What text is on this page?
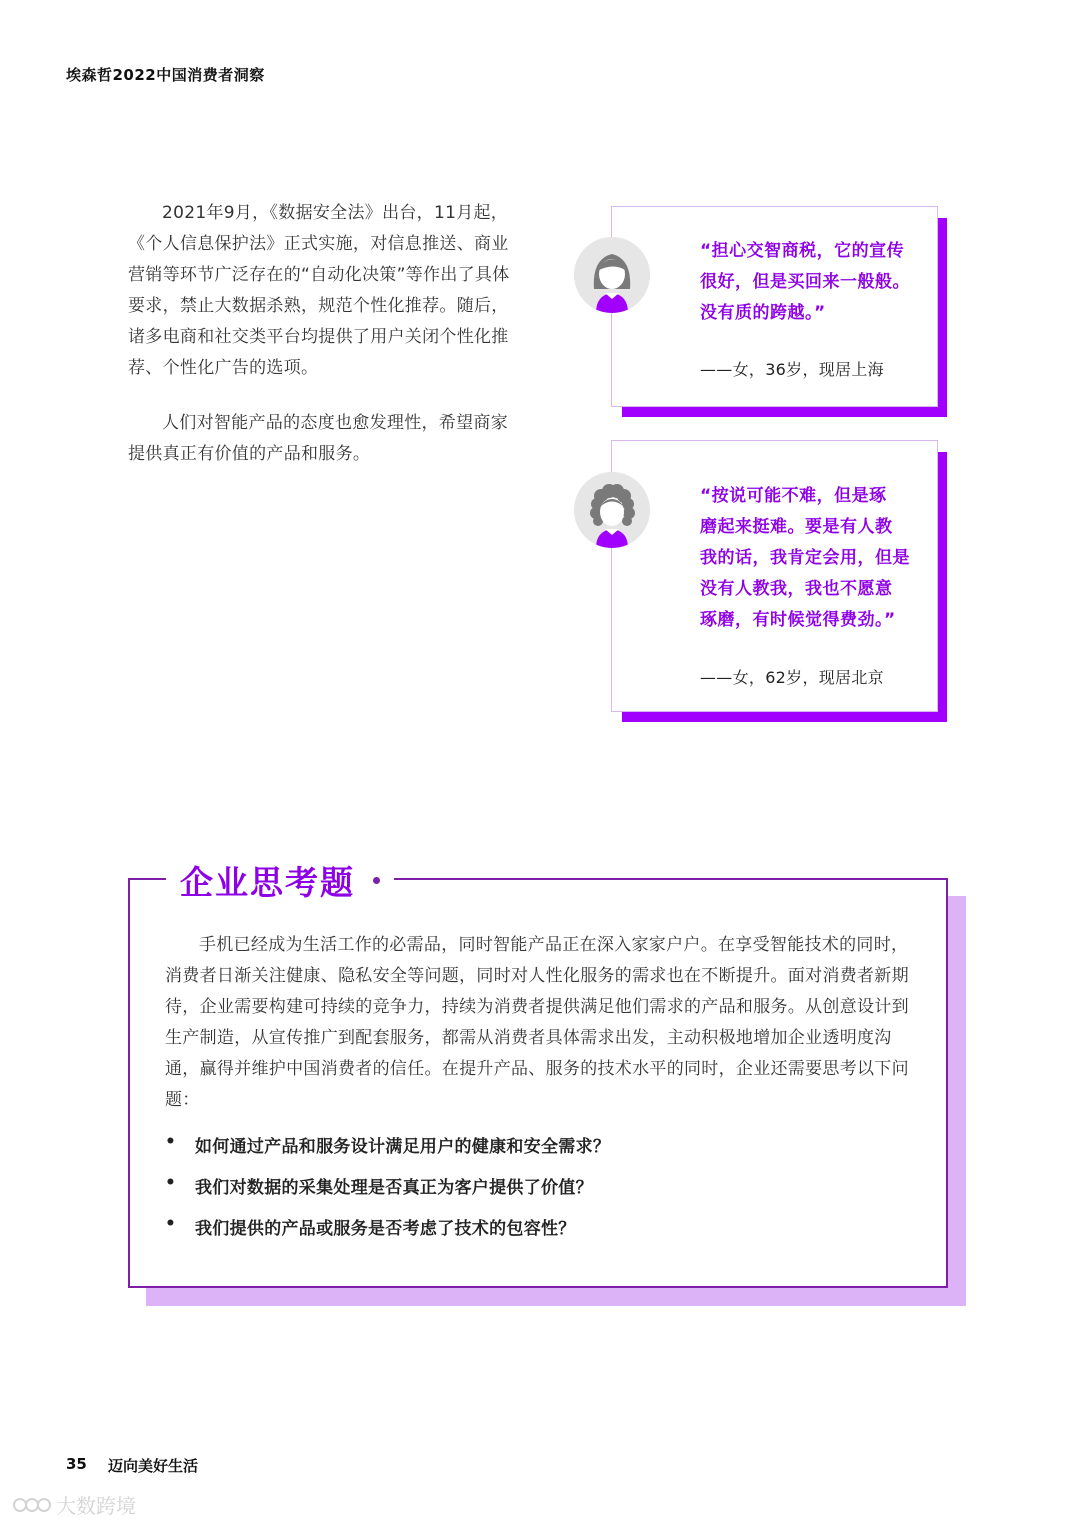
埃森哲2022中国消费者洞察

2021年9月，《数据安全法》出台，11月起，《个人信息保护法》正式实施，对信息推送、商业营销等环节广泛存在的“自动化决策”等作出了具体要求，禁止大数据杀熟，规范个性化推荐。随后，诸多电商和社交类平台均提供了用户关闭个性化推荐、个性化广告的选项。

人们对智能产品的态度也愈发理性，希望商家提供真正有价值的产品和服务。

“担心交智商税，它的宣传
很好，但是买回来一般般。
没有质的跨越。”
——女，36岁，现居上海
“按说可能不难，但是琢
磨起来挺难。要是有人教
我的话，我肯定会用，但是
没有人教我，我也不愿意
琢磨，有时候觉得费劲。”
——女，62岁，现居北京
企业思考题

手机已经成为生活工作的必需品，同时智能产品正在深入家家户户。在享受智能技术的同时，消费者日渐关注健康、隐私安全等问题，同时对人性化服务的需求也在不断提升。面对消费者新期待，企业需要构建可持续的竞争力，持续为消费者提供满足他们需求的产品和服务。从创意设计到生产制造，从宣传推广到配套服务，都需从消费者具体需求出发，主动积极地增加企业透明度沟通，赢得并维护中国消费者的信任。在提升产品、服务的技术水平的同时，企业还需要思考以下问题：

•	如何通过产品和服务设计满足用户的健康和安全需求？
•	我们对数据的采集处理是否真正为客户提供了价值？
•	我们提供的产品或服务是否考虑了技术的包容性？
35 迈向美好生活
大数跨境
